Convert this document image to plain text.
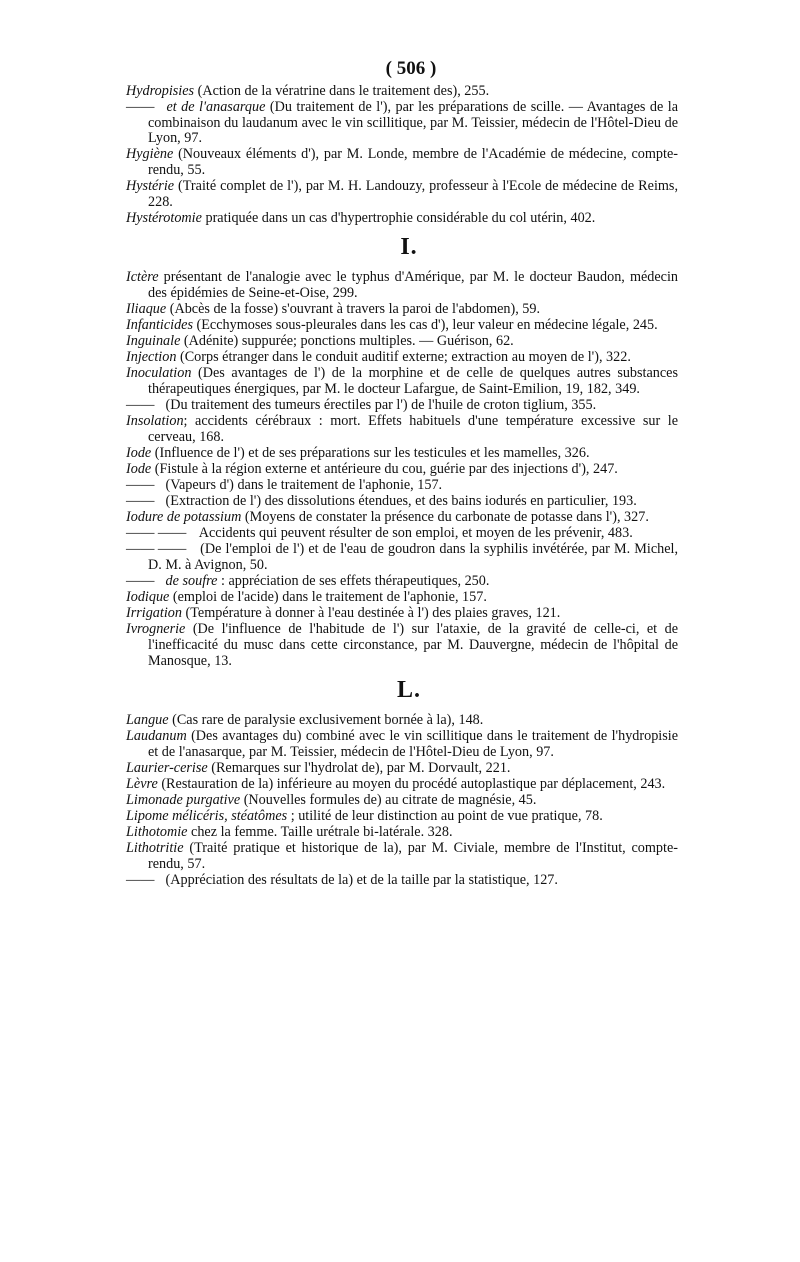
( 506 )
Hydropisies (Action de la vératrine dans le traitement des), 255.
—— et de l'anasarque (Du traitement de l'), par les préparations de scille. — Avantages de la combinaison du laudanum avec le vin scillitique, par M. Teissier, médecin de l'Hôtel-Dieu de Lyon, 97.
Hygiène (Nouveaux éléments d'), par M. Londe, membre de l'Académie de médecine, compte-rendu, 55.
Hystérie (Traité complet de l'), par M. H. Landouzy, professeur à l'Ecole de médecine de Reims, 228.
Hystérotomie pratiquée dans un cas d'hypertrophie considérable du col utérin, 402.
I.
Ictère présentant de l'analogie avec le typhus d'Amérique, par M. le docteur Baudon, médecin des épidémies de Seine-et-Oise, 299.
Iliaque (Abcès de la fosse) s'ouvrant à travers la paroi de l'abdomen), 59.
Infanticides (Ecchymoses sous-pleurales dans les cas d'), leur valeur en médecine légale, 245.
Inguinale (Adénite) suppurée; ponctions multiples. — Guérison, 62.
Injection (Corps étranger dans le conduit auditif externe; extraction au moyen de l'), 322.
Inoculation (Des avantages de l') de la morphine et de celle de quelques autres substances thérapeutiques énergiques, par M. le docteur Lafargue, de Saint-Emilion, 19, 182, 349.
—— (Du traitement des tumeurs érectiles par l') de l'huile de croton tiglium, 355.
Insolation; accidents cérébraux : mort. Effets habituels d'une température excessive sur le cerveau, 168.
Iode (Influence de l') et de ses préparations sur les testicules et les mamelles, 326.
Iode (Fistule à la région externe et antérieure du cou, guérie par des injections d'), 247.
—— (Vapeurs d') dans le traitement de l'aphonie, 157.
—— (Extraction de l') des dissolutions étendues, et des bains iodurés en particulier, 193.
Iodure de potassium (Moyens de constater la présence du carbonate de potasse dans l'), 327.
—— —— Accidents qui peuvent résulter de son emploi, et moyen de les prévenir, 483.
—— —— (De l'emploi de l') et de l'eau de goudron dans la syphilis invétérée, par M. Michel, D. M. à Avignon, 50.
—— de soufre : appréciation de ses effets thérapeutiques, 250.
Iodique (emploi de l'acide) dans le traitement de l'aphonie, 157.
Irrigation (Température à donner à l'eau destinée à l') des plaies graves, 121.
Ivrognerie (De l'influence de l'habitude de l') sur l'ataxie, de la gravité de celle-ci, et de l'inefficacité du musc dans cette circonstance, par M. Dauvergne, médecin de l'hôpital de Manosque, 13.
L.
Langue (Cas rare de paralysie exclusivement bornée à la), 148.
Laudanum (Des avantages du) combiné avec le vin scillitique dans le traitement de l'hydropisie et de l'anasarque, par M. Teissier, médecin de l'Hôtel-Dieu de Lyon, 97.
Laurier-cerise (Remarques sur l'hydrolat de), par M. Dorvault, 221.
Lèvre (Restauration de la) inférieure au moyen du procédé autoplastique par déplacement, 243.
Limonade purgative (Nouvelles formules de) au citrate de magnésie, 45.
Lipome mélicéris, stéatômes ; utilité de leur distinction au point de vue pratique, 78.
Lithotomie chez la femme. Taille urétrale bi-latérale. 328.
Lithotritie (Traité pratique et historique de la), par M. Civiale, membre de l'Institut, compte-rendu, 57.
—— (Appréciation des résultats de la) et de la taille par la statistique, 127.
